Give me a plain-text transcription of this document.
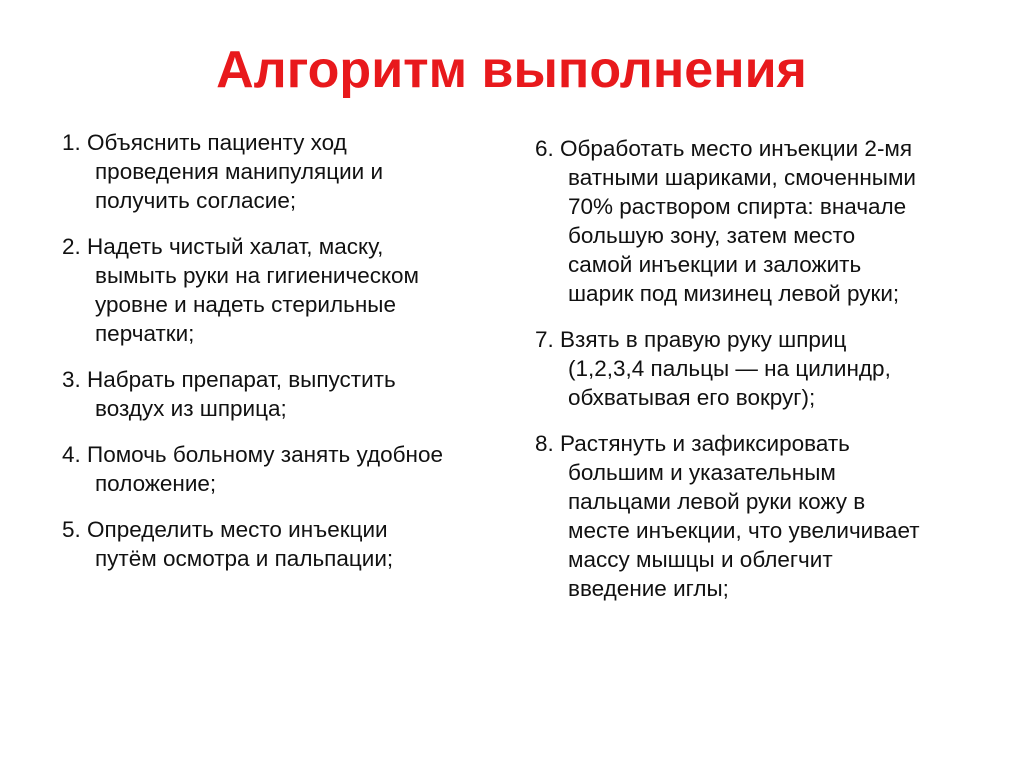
Алгоритм выполнения
1. Объяснить пациенту ход
проведения манипуляции и
получить согласие;
2. Надеть чистый халат, маску,
вымыть руки на гигиеническом
уровне и надеть стерильные
перчатки;
3. Набрать препарат, выпустить
воздух из шприца;
4. Помочь больному занять удобное
положение;
5. Определить место инъекции
путём осмотра и пальпации;
6. Обработать место инъекции 2-мя
ватными шариками, смоченными
70% раствором спирта: вначале
большую зону, затем место
самой инъекции и заложить
шарик под мизинец левой руки;
7. Взять в правую руку шприц
(1,2,3,4 пальцы — на цилиндр,
обхватывая его вокруг);
8. Растянуть и зафиксировать
большим и указательным
пальцами левой руки кожу в
месте инъекции, что увеличивает
массу мышцы и облегчит
введение иглы;
